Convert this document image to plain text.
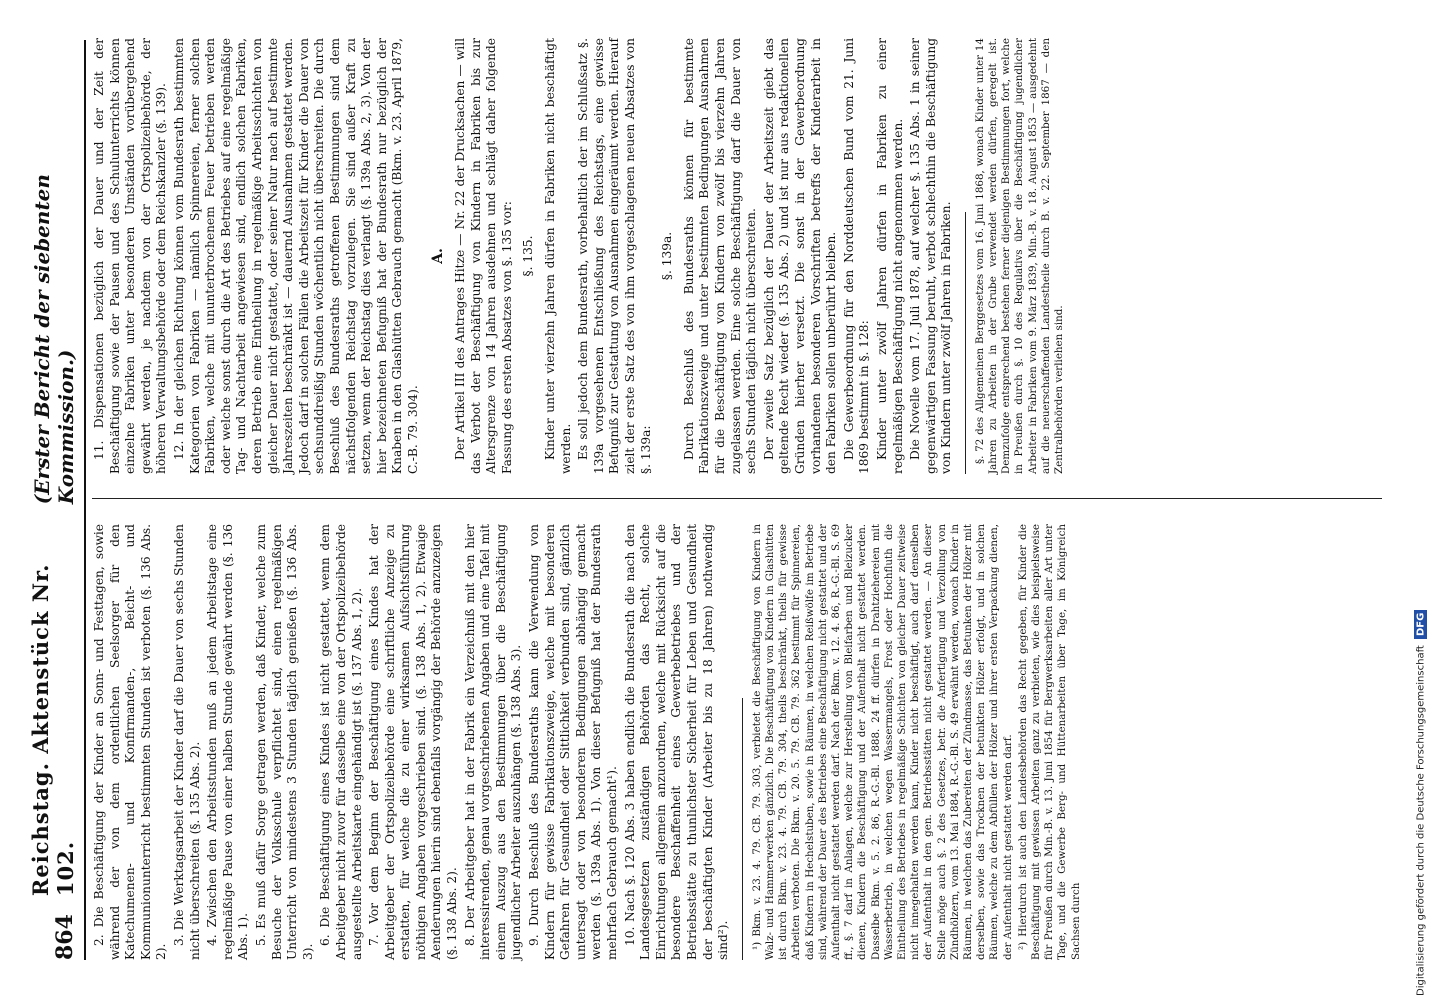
864
Reichstag. Aktenstück Nr. 102.
(Erster Bericht der siebenten Kommission.)

2. Die Beschäftigung der Kinder an Sonn- und Festtagen, sowie während der von dem ordentlichen Seelsorger für den Katechumenen- und Konfirmanden-, Beicht- und Kommunionunterricht bestimmten Stunden ist verboten (§. 136 Abs. 2).

3. Die Werktagsarbeit der Kinder darf die Dauer von sechs Stunden nicht überschreiten (§. 135 Abs. 2). 4. Zwischen den Arbeitsstunden muß an jedem Arbeitstage eine regelmäßige Pause von einer halben Stunde gewährt werden (§. 136 Abs. 1). 5. Es muß dafür Sorge getragen werden, daß Kinder, welche zum Besuche der Volksschule verpflichtet sind, einen regelmäßigen Unterricht von mindestens 3 Stunden täglich genießen (§. 136 Abs. 3).

6. Die Beschäftigung eines Kindes ist nicht gestattet, wenn dem Arbeitgeber nicht zuvor für dasselbe eine von der Ortspolizeibehörde ausgestellte Arbeitskarte eingehändigt ist (§. 137 Abs. 1, 2). 7. Vor dem Beginn der Beschäftigung eines Kindes hat der Arbeitgeber der Ortspolizeibehörde eine schriftliche Anzeige zu erstatten, für welche die zu einer wirksamen Aufsichtsführung nöthigen Angaben vorgeschrieben sind. (§. 138 Abs. 1, 2). Etwaige Aenderungen hierin sind ebenfalls vorgängig der Behörde anzuzeigen (§. 138 Abs. 2). 8. Der Arbeitgeber hat in der Fabrik ein Verzeichniß mit den hier interessirenden, genau vorgeschriebenen Angaben und eine Tafel mit einem Auszug aus den Bestimmungen über die Beschäftigung jugendlicher Arbeiter auszuhängen (§. 138 Abs. 3). 9. Durch Beschluß des Bundesraths kann die Verwendung von Kindern für gewisse Fabrikationszweige, welche mit besonderen Gefahren für Gesundheit oder Sittlichkeit verbunden sind, gänzlich untersagt oder von besonderen Bedingungen abhängig gemacht werden (§. 139a Abs. 1). Von dieser Befugniß hat der Bundesrath mehrfach Gebrauch gemacht¹). 10. Nach §. 120 Abs. 3 haben endlich die Bundesrath die nach den Landesgesetzen zuständigen Behörden das Recht, solche Einrichtungen allgemein anzuordnen, welche mit Rücksicht auf die besondere Beschaffenheit eines Gewerbebetriebes und der Betriebsstätte zu thunlichster Sicherheit für Leben und Gesundheit der beschäftigten Kinder (Arbeiter bis zu 18 Jahren) nothwendig sind²). ¹) Bkm. v. 23. 4. 79. CB. 79. 303, verbietet die Beschäftigung von Kindern in Walz- und Hammerwerken gänzlich. Die Beschäftigung von Kindern in Glashütten ist durch Bkm. v. 23. 4. 79. CB. 79. 304, theils beschränkt, theils für gewisse Arbeiten verboten. Die Bkm. v. 20. 5. 79. CB. 79. 362 bestimmt für Spinnereien, daß Kindern in Hechelstuben, sowie in Räumen, in welchen Reißwölfe im Betriebe sind, während der Dauer des Betriebes eine Beschäftigung nicht gestattet und der Aufenthalt nicht gestattet werden darf. Nach der Bkm. v. 12. 4. 86, R.-G.-Bl. S. 69 ff., §. 7 darf in Anlagen, welche zur Herstellung von Bleifarben und Bleizucker dienen, Kindern die Beschäftigung und der Aufenthalt nicht gestattet werden. Dasselbe Bkm. v. 5. 2. 86, R.-G.-Bl. 1888. 24 ff. dürfen in Drahtziehereien mit Wasserbetrieb, in welchen wegen Wassermangels, Frost oder Hochfluth die Eintheilung des Betriebes in regelmäßige Schichten von gleicher Dauer zeitweise nicht innegehalten werden kann, Kinder nicht beschäftigt, auch darf denselben der Aufenthalt in den gen. Betriebsstätten nicht gestattet werden. — An dieser Stelle möge auch §. 2 des Gesetzes, betr. die Anfertigung und Verzollung von Zündhölzern, vom 13. Mai 1884, R.-G.-Bl. S. 49 erwähnt werden, wonach Kinder in Räumen, in welchen das Zubereiten der Zündmasse, das Betunken der Hölzer mit derselben, sowie das Trocknen der betunkten Hölzer erfolgt, und in solchen Räumen, welche zu dem Abfüllen der Hölzer und ihrer ersten Verpackung dienen, der Aufenthalt nicht gestattet werden darf. ²) Hierdurch ist auch den Landesbehörden das Recht gegeben, für Kinder die Beschäftigung mit gewissen Arbeiten ganz zu verbieten, wie dies beispielsweise für Preußen durch Min.-B. v. 13. Juni 1854 für Bergwerksarbeiten aller Art unter Tage, und die Gewerbe Berg- und Hüttenarbeiten über Tage, im Königreich Sachsen durch

11. Dispensationen bezüglich der Dauer und der Zeit der Beschäftigung sowie der Pausen und des Schulunterrichts können einzelne Fabriken unter besonderen Umständen vorübergehend gewährt werden, je nachdem von der Ortspolizeibehörde, der höheren Verwaltungsbehörde oder dem Reichskanzler (§. 139). 12. In der gleichen Richtung können vom Bundesrath bestimmten Kategorien von Fabriken — nämlich Spinnereien, ferner solchen Fabriken, welche mit ununterbrochenem Feuer betrieben werden oder welche sonst durch die Art des Betriebes auf eine regelmäßige Tag- und Nachtarbeit angewiesen sind, endlich solchen Fabriken, deren Betrieb eine Eintheilung in regelmäßige Arbeitsschichten von gleicher Dauer nicht gestattet, oder seiner Natur nach auf bestimmte Jahreszeiten beschränkt ist — dauernd Ausnahmen gestattet werden. Jedoch darf in solchen Fällen die Arbeitszeit für Kinder die Dauer von sechsunddreißig Stunden wöchentlich nicht überschreiten. Die durch Beschluß des Bundesraths getroffenen Bestimmungen sind dem nächstfolgenden Reichstag vorzulegen. Sie sind außer Kraft zu setzen, wenn der Reichstag dies verlangt (§. 139a Abs. 2, 3). Von der hier bezeichneten Befugniß hat der Bundesrath nur bezüglich der Knaben in den Glashütten Gebrauch gemacht (Bkm. v. 23. April 1879, C.-B. 79. 304).

A. Der Artikel III des Antrages Hitze — Nr. 22 der Drucksachen — will das Verbot der Beschäftigung von Kindern in Fabriken bis zur Altersgrenze von 14 Jahren ausdehnen und schlägt daher folgende Fassung des ersten Absatzes von §. 135 vor: §. 135. Kinder unter vierzehn Jahren dürfen in Fabriken nicht beschäftigt werden. Es soll jedoch dem Bundesrath, vorbehaltlich der im Schlußsatz §. 139a vorgesehenen Entschließung des Reichstags, eine gewisse Befugniß zur Gestattung von Ausnahmen eingeräumt werden. Hierauf zielt der erste Satz des von ihm vorgeschlagenen neuen Absatzes von §. 139a:

§. 139a. Durch Beschluß des Bundesraths können für bestimmte Fabrikationszweige und unter bestimmten Bedingungen Ausnahmen für die Beschäftigung von Kindern von zwölf bis vierzehn Jahren zugelassen werden. Eine solche Beschäftigung darf die Dauer von sechs Stunden täglich nicht überschreiten. Der zweite Satz bezüglich der Dauer der Arbeitszeit giebt das geltende Recht wieder (§. 135 Abs. 2) und ist nur aus redaktionellen Gründen hierher versetzt. Die sonst in der Gewerbeordnung vorhandenen besonderen Vorschriften betreffs der Kinderarbeit in den Fabriken sollen unberührt bleiben. Die Gewerbeordnung für den Norddeutschen Bund vom 21. Juni 1869 bestimmt in §. 128: Kinder unter zwölf Jahren dürfen in Fabriken zu einer regelmäßigen Beschäftigung nicht angenommen werden. Die Novelle vom 17. Juli 1878, auf welcher §. 135 Abs. 1 in seiner gegenwärtigen Fassung beruht, verbot schlechthin die Beschäftigung von Kindern unter zwölf Jahren in Fabriken. §. 72 des Allgemeinen Berggesetzes vom 16. Juni 1868, wonach Kinder unter 14 Jahren zu Arbeiten in der Grube verwendet werden dürfen, geregelt ist. Demzufolge entsprechend bestehen ferner diejenigen Bestimmungen fort, welche in Preußen durch §. 10 des Regulativs über die Beschäftigung jugendlicher Arbeiter in Fabriken vom 9. März 1839, Min.-B. v. 18. August 1853 — ausgedehnt auf die neuerschaffenden Landestheile durch B. v. 22. September 1867 — den Zentralbehörden verliehen sind.

Digitalisierung gefördert durch die Deutsche Forschungsgemeinschaft
DFG
